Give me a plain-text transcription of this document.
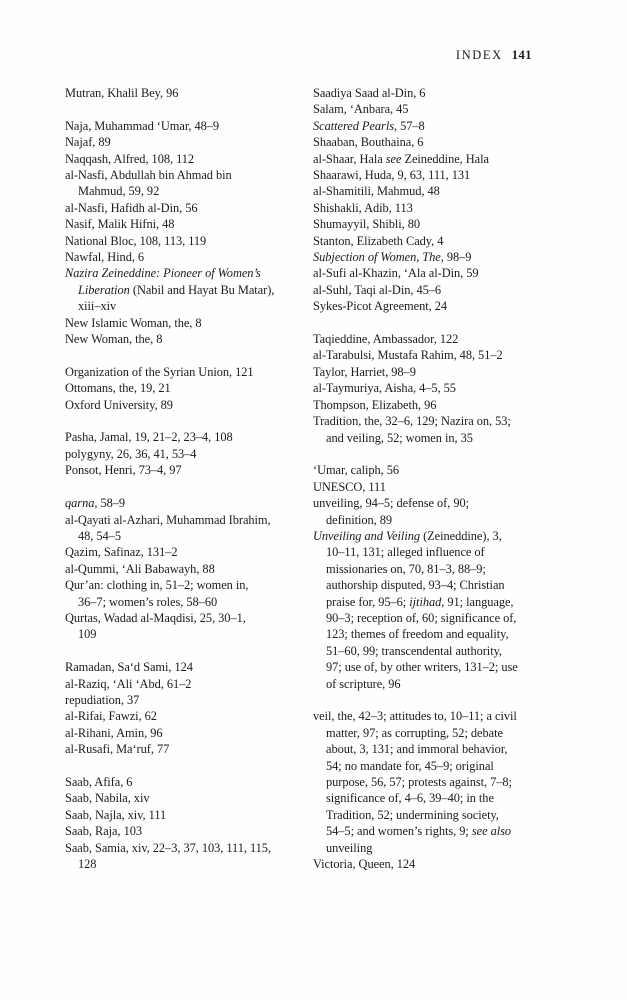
INDEX 141
Mutran, Khalil Bey, 96
Naja, Muhammad ‘Umar, 48–9
Najaf, 89
Naqqash, Alfred, 108, 112
al-Nasfi, Abdullah bin Ahmad bin
Mahmud, 59, 92
al-Nasfi, Hafidh al-Din, 56
Nasif, Malik Hifni, 48
National Bloc, 108, 113, 119
Nawfal, Hind, 6
Nazira Zeineddine: Pioneer of Women’s
Liberation (Nabil and Hayat Bu Matar),
xiii–xiv
New Islamic Woman, the, 8
New Woman, the, 8
Organization of the Syrian Union, 121
Ottomans, the, 19, 21
Oxford University, 89
Pasha, Jamal, 19, 21–2, 23–4, 108
polygyny, 26, 36, 41, 53–4
Ponsot, Henri, 73–4, 97
qarna, 58–9
al-Qayati al-Azhari, Muhammad Ibrahim,
48, 54–5
Qazim, Safinaz, 131–2
al-Qummi, ‘Ali Babawayh, 88
Qur’an: clothing in, 51–2; women in,
36–7; women’s roles, 58–60
Qurtas, Wadad al-Maqdisi, 25, 30–1,
109
Ramadan, Sa‘d Sami, 124
al-Raziq, ‘Ali ‘Abd, 61–2
repudiation, 37
al-Rifai, Fawzi, 62
al-Rihani, Amin, 96
al-Rusafi, Ma‘ruf, 77
Saab, Afifa, 6
Saab, Nabila, xiv
Saab, Najla, xiv, 111
Saab, Raja, 103
Saab, Samia, xiv, 22–3, 37, 103, 111, 115,
128
Saadiya Saad al-Din, 6
Salam, ‘Anbara, 45
Scattered Pearls, 57–8
Shaaban, Bouthaina, 6
al-Shaar, Hala see Zeineddine, Hala
Shaarawi, Huda, 9, 63, 111, 131
al-Shamitili, Mahmud, 48
Shishakli, Adib, 113
Shumayyil, Shibli, 80
Stanton, Elizabeth Cady, 4
Subjection of Women, The, 98–9
al-Sufi al-Khazin, ‘Ala al-Din, 59
al-Suhl, Taqi al-Din, 45–6
Sykes-Picot Agreement, 24
Taqieddine, Ambassador, 122
al-Tarabulsi, Mustafa Rahim, 48, 51–2
Taylor, Harriet, 98–9
al-Taymuriya, Aisha, 4–5, 55
Thompson, Elizabeth, 96
Tradition, the, 32–6, 129; Nazira on, 53;
and veiling, 52; women in, 35
‘Umar, caliph, 56
UNESCO, 111
unveiling, 94–5; defense of, 90;
definition, 89
Unveiling and Veiling (Zeineddine), 3,
10–11, 131; alleged influence of
missionaries on, 70, 81–3, 88–9;
authorship disputed, 93–4; Christian
praise for, 95–6; ijtihad, 91; language,
90–3; reception of, 60; significance of,
123; themes of freedom and equality,
51–60, 99; transcendental authority,
97; use of, by other writers, 131–2; use
of scripture, 96
veil, the, 42–3; attitudes to, 10–11; a civil
matter, 97; as corrupting, 52; debate
about, 3, 131; and immoral behavior,
54; no mandate for, 45–9; original
purpose, 56, 57; protests against, 7–8;
significance of, 4–6, 39–40; in the
Tradition, 52; undermining society,
54–5; and women’s rights, 9; see also
unveiling
Victoria, Queen, 124
